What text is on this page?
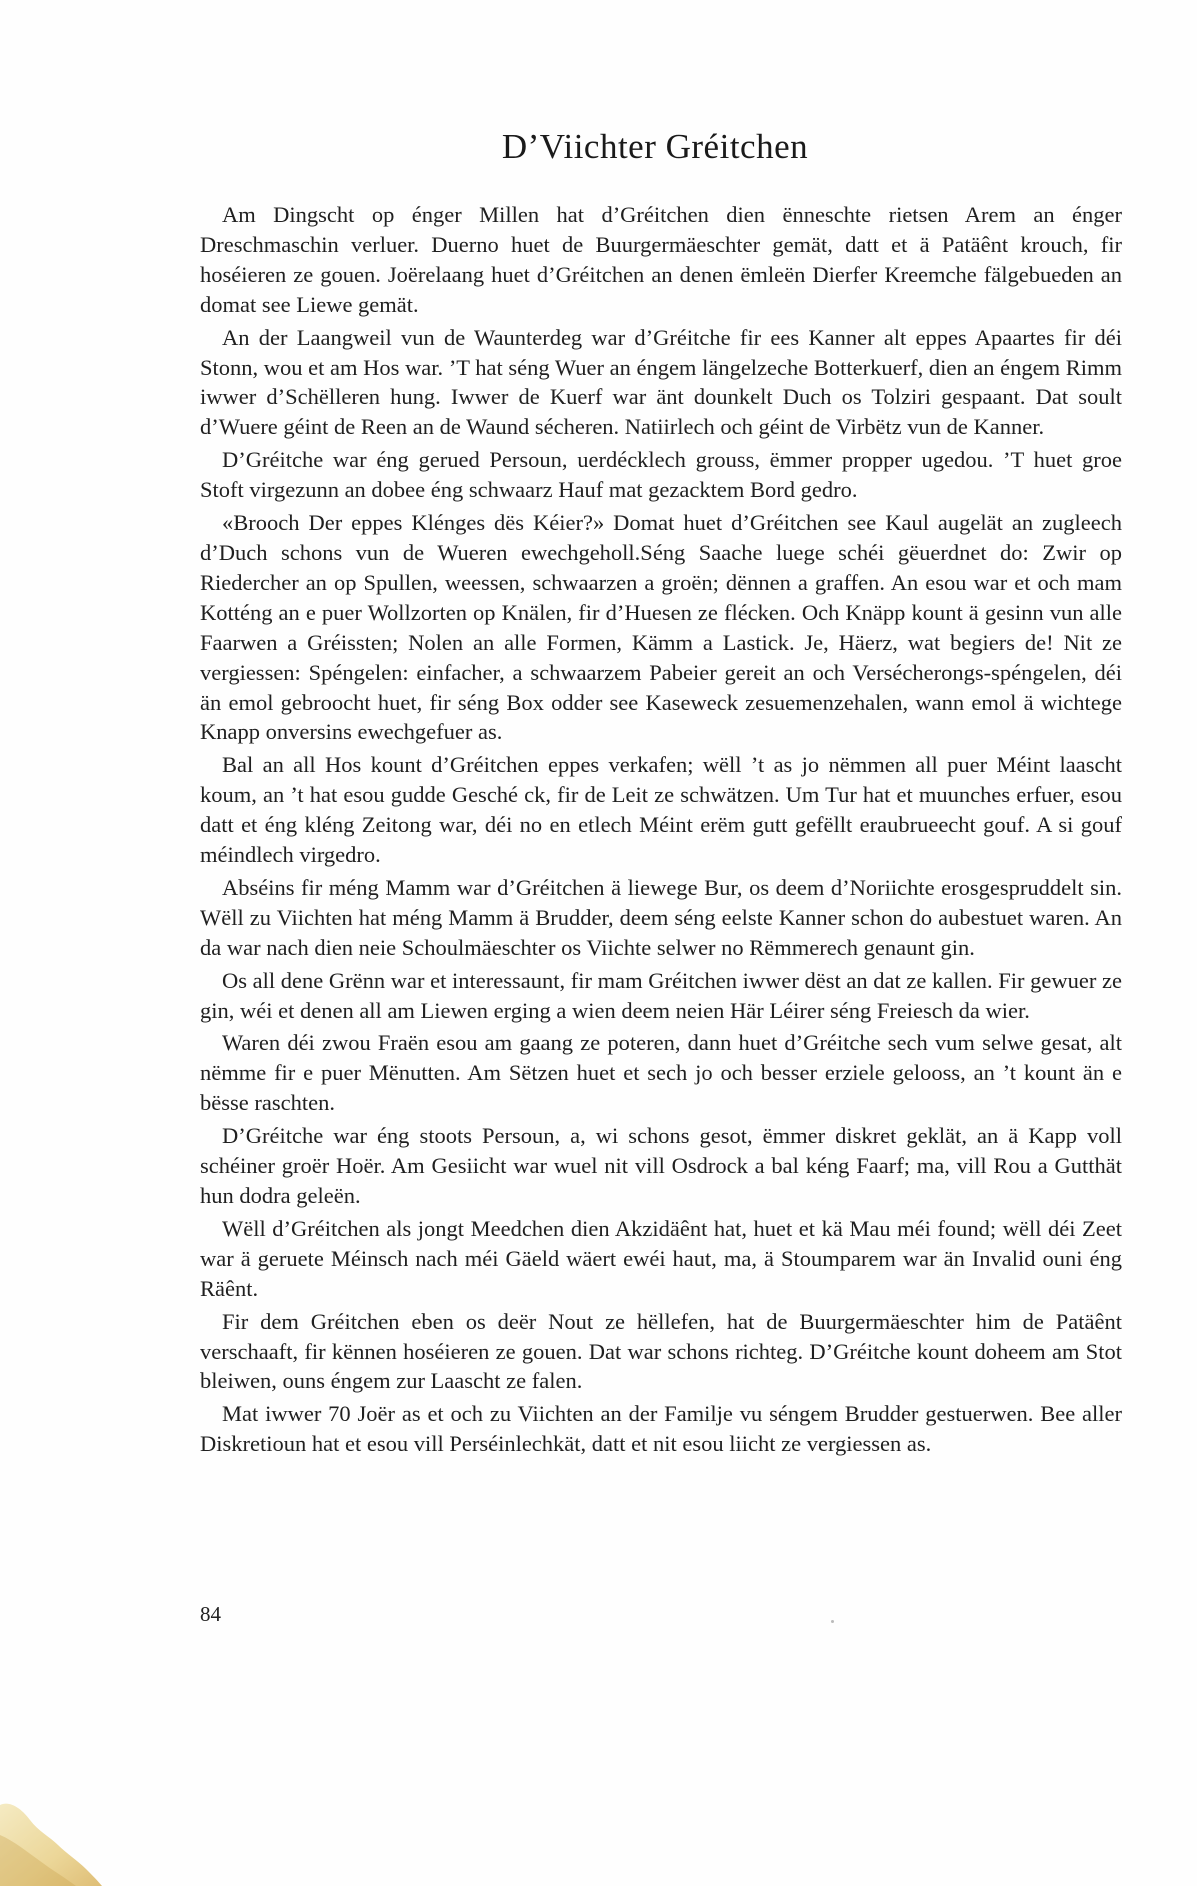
D’Viichter Gréitchen

Am Dingscht op énger Millen hat d’Gréitchen dien ënneschte rietsen Arem an énger Dreschmaschin verluer. Duerno huet de Buurgermäeschter gemät, datt et ä Patäênt krouch, fir hoséieren ze gouen. Joërelaang huet d’Gréitchen an denen ëmleën Dierfer Kreemche fälgebueden an domat see Liewe gemät.

An der Laangweil vun de Waunterdeg war d’Gréitche fir ees Kanner alt eppes Apaartes fir déi Stonn, wou et am Hos war. ’T hat séng Wuer an éngem längelzeche Botterkuerf, dien an éngem Rimm iwwer d’Schëlleren hung. Iwwer de Kuerf war änt dounkelt Duch os Tolziri gespaant. Dat soult d’Wuere géint de Reen an de Waund sécheren. Natiirlech och géint de Virbëtz vun de Kanner.

D’Gréitche war éng gerued Persoun, uerdécklech grouss, ëmmer propper ugedou. ’T huet groe Stoft virgezunn an dobee éng schwaarz Hauf mat gezacktem Bord gedro.

«Brooch Der eppes Klénges dës Kéier?» Domat huet d’Gréitchen see Kaul augelät an zugleech d’Duch schons vun de Wueren ewechgeholl.Séng Saache luege schéi gëuerdnet do: Zwir op Riedercher an op Spullen, weessen, schwaarzen a groën; dënnen a graffen. An esou war et och mam Kotténg an e puer Wollzorten op Knälen, fir d’Huesen ze flécken. Och Knäpp kount ä gesinn vun alle Faarwen a Gréissten; Nolen an alle Formen, Kämm a Lastick. Je, Häerz, wat begiers de! Nit ze vergiessen: Spéngelen: einfacher, a schwaarzem Pabeier gereit an och Versécherongs-spéngelen, déi än emol gebroocht huet, fir séng Box odder see Kaseweck zesuemenzehalen, wann emol ä wichtege Knapp onversins ewechgefuer as.

Bal an all Hos kount d’Gréitchen eppes verkafen; wëll ’t as jo nëmmen all puer Méint laascht koum, an ’t hat esou gudde Gesché ck, fir de Leit ze schwätzen. Um Tur hat et muunches erfuer, esou datt et éng kléng Zeitong war, déi no en etlech Méint erëm gutt gefëllt eraubrueecht gouf. A si gouf méindlech virgedro.

Abséins fir méng Mamm war d’Gréitchen ä liewege Bur, os deem d’Noriichte erosgespruddelt sin. Wëll zu Viichten hat méng Mamm ä Brudder, deem séng eelste Kanner schon do aubestuet waren. An da war nach dien neie Schoulmäeschter os Viichte selwer no Rëmmerech genaunt gin.

Os all dene Grënn war et interessaunt, fir mam Gréitchen iwwer dëst an dat ze kallen. Fir gewuer ze gin, wéi et denen all am Liewen erging a wien deem neien Här Léirer séng Freiesch da wier.

Waren déi zwou Fraën esou am gaang ze poteren, dann huet d’Gréitche sech vum selwe gesat, alt nëmme fir e puer Mënutten. Am Sëtzen huet et sech jo och besser erziele gelooss, an ’t kount än e bësse raschten.

D’Gréitche war éng stoots Persoun, a, wi schons gesot, ëmmer diskret geklät, an ä Kapp voll schéiner groër Hoër. Am Gesiicht war wuel nit vill Osdrock a bal kéng Faarf; ma, vill Rou a Gutthät hun dodra geleën.

Wëll d’Gréitchen als jongt Meedchen dien Akzidäênt hat, huet et kä Mau méi found; wëll déi Zeet war ä geruete Méinsch nach méi Gäeld wäert ewéi haut, ma, ä Stoumparem war än Invalid ouni éng Räênt.

Fir dem Gréitchen eben os deër Nout ze hëllefen, hat de Buurgermäeschter him de Patäênt verschaaft, fir kënnen hoséieren ze gouen. Dat war schons richteg. D’Gréitche kount doheem am Stot bleiwen, ouns éngem zur Laascht ze falen.

Mat iwwer 70 Joër as et och zu Viichten an der Familje vu séngem Brudder gestuerwen. Bee aller Diskretioun hat et esou vill Perséinlechkät, datt et nit esou liicht ze vergiessen as.

84
